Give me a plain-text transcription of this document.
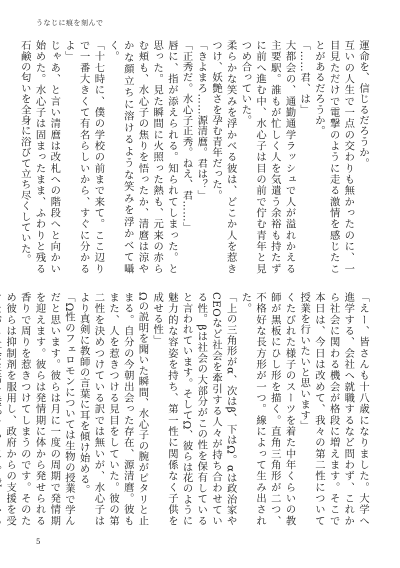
うなじに痕を刻んで

運命を、信じるだろうか。

互いの人生で一点の交わりも無かったのに、一目見ただけで電撃のように走る激情を感じたことがあるだろうか。

「……君、は」

大都会の、通勤通学ラッシュで人が溢れかえる主要駅。誰もが忙しく人を気遣う余裕も持たずに前へ進む中、水心子は目の前で佇む青年と見つめ合っていた。

柔らかな笑みを浮かべる彼は、どこか人を惹きつけ、妖艶さを孕む青年だった。

「きよまろ……源清麿。君は？」

「正秀だ。水心子正秀。ねえ、君……」

唇に、指が添えられる。知られてしまった。と思った。見た瞬間に火照った熱も、元来の赤らむ頬も、水心子の焦りを悟ったか、清麿は涼やかな顔立ちに溶けるような笑みを浮かべて囁く。

「十七時に、僕の学校の前まで来て。ここ辺りで一番大きくて有名らしいから、すぐに分かるよ」

じゃあ、と言い清麿は改札への階段へと向かい始めた。水心子は固まったまま、ふわりと残る石鹸の匂いを全身に浴びて立ち尽くしていた。

「えー、皆さんも十八歳になりました。大学へ進学する、会社へ就職するなど問わず、これから社会に関わる機会が格段に増えます。そこで本日は、今日は改めて、我々の第二性について授業を行いたいと思います」

くたびれた様子のスーツを着た中年くらいの教師が黒板にひし形を描く。直角三角形が二つ、不格好な長方形が一つ。線によって生み出された。

「上の三角形がα、次はβ、下はΩ。αは政治家やCEOなど社会を牽引する人々が持ち合わせている性。βは社会の大部分がこの性を保有していると言われています。そしてΩ、彼らは花のように魅力的な容姿を持ち、第一性に関係なく子供を成せる性」

Ωの説明を聞いた瞬間、水心子の腕がピタリと止まる。自分の今朝出会った存在、源清麿。彼もまた、人を惹きつける見目をしていた。彼の第二性を決めつけている訳では無いが、水心子はより真剣に教師の言葉に耳を傾け始める。

「Ω性のフェロモンについては生物の授業で学んだと思います。彼らは月に一度の周期で発情期を迎えます。彼らは発情期に体から発せられる香りで周りを惹きつけてしまうのです。そのため彼らは抑制剤を服用し、政府からの支援を受

5
